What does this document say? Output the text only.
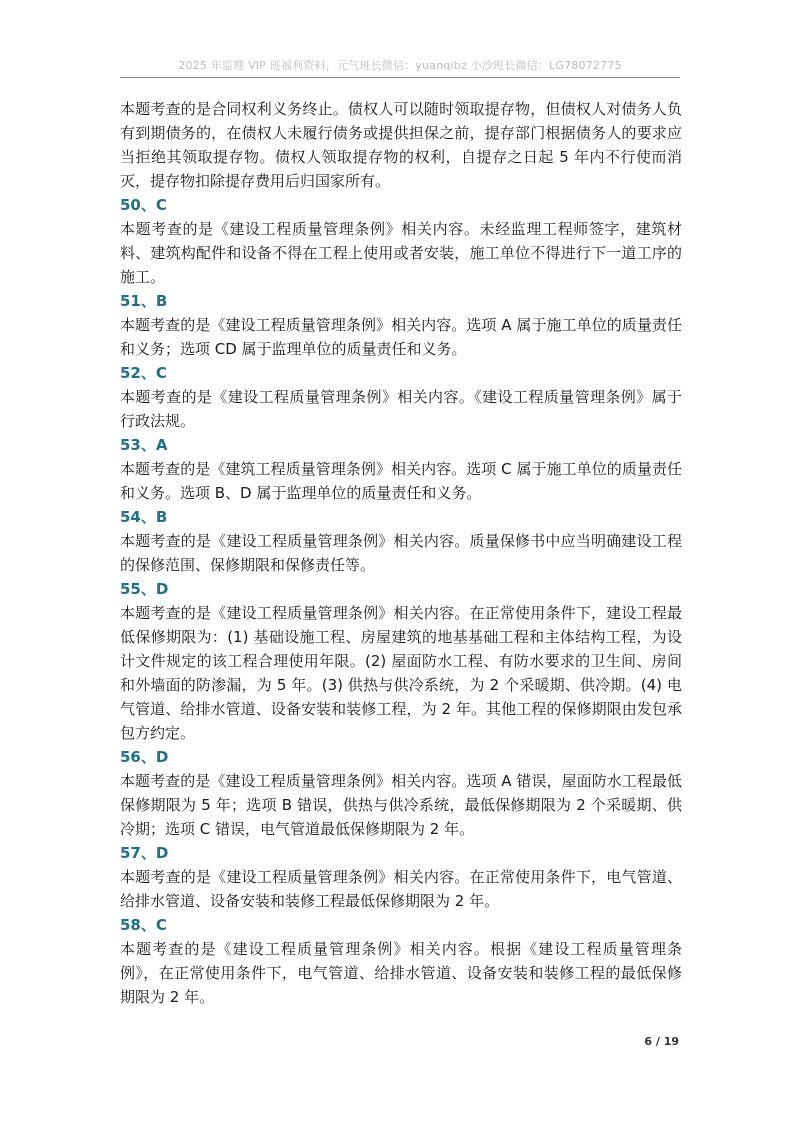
2025 年监理 VIP 班福利资料，元气班长微信：yuanqibz 小沙班长微信：LG78072775

本题考查的是合同权利义务终止。债权人可以随时领取提存物，但债权人对债务人负有到期债务的，在债权人未履行债务或提供担保之前，提存部门根据债务人的要求应当拒绝其领取提存物。债权人领取提存物的权利，自提存之日起 5 年内不行使而消灭，提存物扣除提存费用后归国家所有。

50、C

本题考查的是《建设工程质量管理条例》相关内容。未经监理工程师签字，建筑材料、建筑构配件和设备不得在工程上使用或者安装，施工单位不得进行下一道工序的施工。

51、B

本题考查的是《建设工程质量管理条例》相关内容。选项 A 属于施工单位的质量责任和义务；选项 CD 属于监理单位的质量责任和义务。

52、C

本题考查的是《建设工程质量管理条例》相关内容。《建设工程质量管理条例》属于行政法规。

53、A

本题考查的是《建筑工程质量管理条例》相关内容。选项 C 属于施工单位的质量责任和义务。选项 B、D 属于监理单位的质量责任和义务。

54、B

本题考查的是《建设工程质量管理条例》相关内容。质量保修书中应当明确建设工程的保修范围、保修期限和保修责任等。

55、D

本题考查的是《建设工程质量管理条例》相关内容。在正常使用条件下，建设工程最低保修期限为：(1) 基础设施工程、房屋建筑的地基基础工程和主体结构工程，为设计文件规定的该工程合理使用年限。(2) 屋面防水工程、有防水要求的卫生间、房间和外墙面的防渗漏，为 5 年。(3) 供热与供冷系统，为 2 个采暖期、供冷期。(4) 电气管道、给排水管道、设备安装和装修工程，为 2 年。其他工程的保修期限由发包承包方约定。

56、D

本题考查的是《建设工程质量管理条例》相关内容。选项 A 错误，屋面防水工程最低保修期限为 5 年；选项 B 错误，供热与供冷系统，最低保修期限为 2 个采暖期、供冷期；选项 C 错误，电气管道最低保修期限为 2 年。

57、D

本题考查的是《建设工程质量管理条例》相关内容。在正常使用条件下，电气管道、给排水管道、设备安装和装修工程最低保修期限为 2 年。

58、C

本题考查的是《建设工程质量管理条例》相关内容。根据《建设工程质量管理条例》，在正常使用条件下，电气管道、给排水管道、设备安装和装修工程的最低保修期限为 2 年。

6 / 19
